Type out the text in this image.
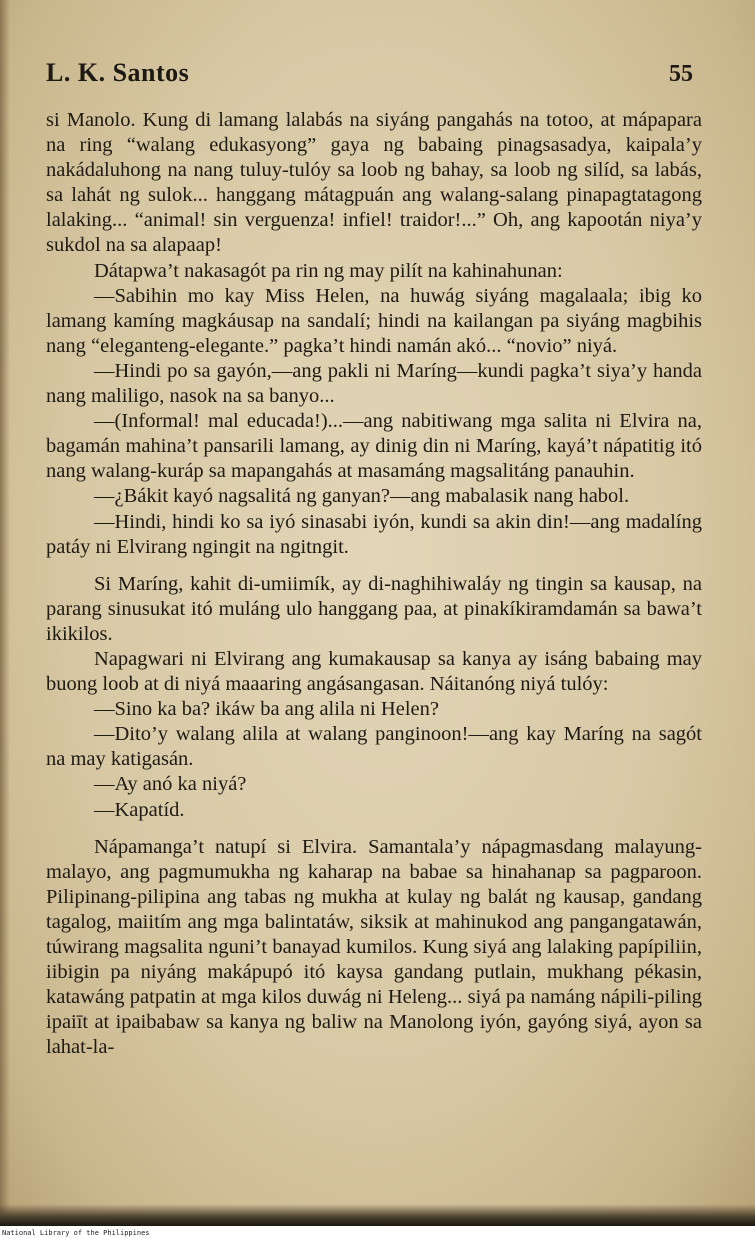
L. K. Santos	55

si Manolo. Kung di lamang lalabás na siyáng pangahás na totoo, at mápapara na ring “walang edukasyong” gaya ng babaing pinagsasadya, kaipala’y nakádaluhong na nang tuluy-tulóy sa loob ng bahay, sa loob ng silíd, sa labás, sa lahát ng sulok... hanggang mátagpuán ang walang-salang pinapagtatagong lalaking... “animal! sin verguenza! infiel! traidor!...” Oh, ang kapootán niya’y sukdol na sa alapaap!

Dátapwa’t nakasagót pa rin ng may pilít na kahinahunan:

—Sabihin mo kay Miss Helen, na huwág siyáng magalaala; ibig ko lamang kamíng magkáusap na sandalí; hindi na kailangan pa siyáng magbihis nang “eleganteng-elegante.” pagka’t hindi namán akó... “novio” niyá.

—Hindi po sa gayón,—ang pakli ni Maríng—kundi pagka’t siya’y handa nang maliligo, nasok na sa banyo...

—(Informal! mal educada!)...—ang nabitiwang mga salita ni Elvira na, bagamán mahina’t pansarili lamang, ay dinig din ni Maríng, kayá’t nápatitig itó nang walang-kuráp sa mapangahás at masamáng magsalitáng panauhin.

—¿Bákit kayó nagsalitá ng ganyan?—ang mabalasik nang habol.

—Hindi, hindi ko sa iyó sinasabi iyón, kundi sa akin din!—ang madalíng patáy ni Elvirang ngingit na ngitngit.

Si Maríng, kahit di-umiimík, ay di-naghihiwaláy ng tingin sa kausap, na parang sinusukat itó muláng ulo hanggang paa, at pinakíkiramdamán sa bawa’t ikikilos.

Napagwari ni Elvirang ang kumakausap sa kanya ay isáng babaing may buong loob at di niyá maaaring angásangasan. Náitanóng niyá tulóy:

—Sino ka ba? ikáw ba ang alila ni Helen?

—Dito’y walang alila at walang panginoon!—ang kay Maríng na sagót na may katigasán.

—Ay anó ka niyá?

—Kapatíd.

Nápamanga’t natupí si Elvira. Samantala’y nápagmasdang malayung-malayo, ang pagmumukha ng kaharap na babae sa hinahanap sa pagparoon. Pilipinang-pilipina ang tabas ng mukha at kulay ng balát ng kausap, gandang tagalog, maiitím ang mga balintatáw, siksik at mahinukod ang pangangatawán, túwirang magsalita nguni’t banayad kumilos. Kung siyá ang lalaking papípiliin, iibigin pa niyáng makápupó itó kaysa gandang putlain, mukhang pékasin, katawáng patpatin at mga kilos duwág ni Heleng... siyá pa namáng nápili-piling ipaiīt at ipaibabaw sa kanya ng baliw na Manolong iyón, gayóng siyá, ayon sa lahat-la-

National Library of the Philippines
